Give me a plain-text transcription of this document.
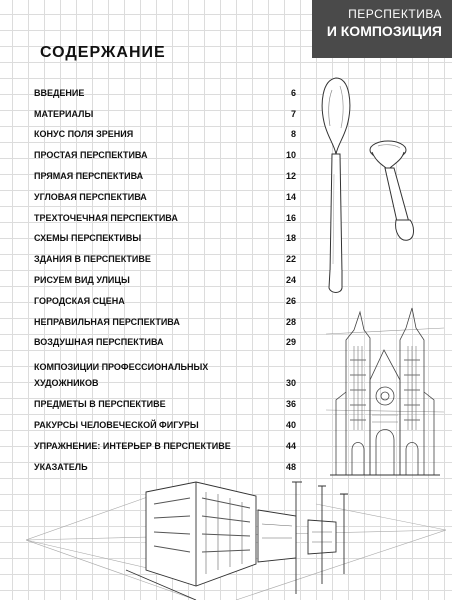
ПЕРСПЕКТИВА
И КОМПОЗИЦИЯ
СОДЕРЖАНИЕ
ВВЕДЕНИЕ	6
МАТЕРИАЛЫ	7
КОНУС ПОЛЯ ЗРЕНИЯ	8
ПРОСТАЯ ПЕРСПЕКТИВА	10
ПРЯМАЯ ПЕРСПЕКТИВА	12
УГЛОВАЯ ПЕРСПЕКТИВА	14
ТРЕХТОЧЕЧНАЯ ПЕРСПЕКТИВА	16
СХЕМЫ ПЕРСПЕКТИВЫ	18
ЗДАНИЯ В ПЕРСПЕКТИВЕ	22
РИСУЕМ ВИД УЛИЦЫ	24
ГОРОДСКАЯ СЦЕНА	26
НЕПРАВИЛЬНАЯ ПЕРСПЕКТИВА	28
ВОЗДУШНАЯ ПЕРСПЕКТИВА	29
КОМПОЗИЦИИ ПРОФЕССИОНАЛЬНЫХ
ХУДОЖНИКОВ	30
ПРЕДМЕТЫ В ПЕРСПЕКТИВЕ	36
РАКУРСЫ ЧЕЛОВЕЧЕСКОЙ ФИГУРЫ	40
УПРАЖНЕНИЕ: ИНТЕРЬЕР В ПЕРСПЕКТИВЕ	44
УКАЗАТЕЛЬ	48
